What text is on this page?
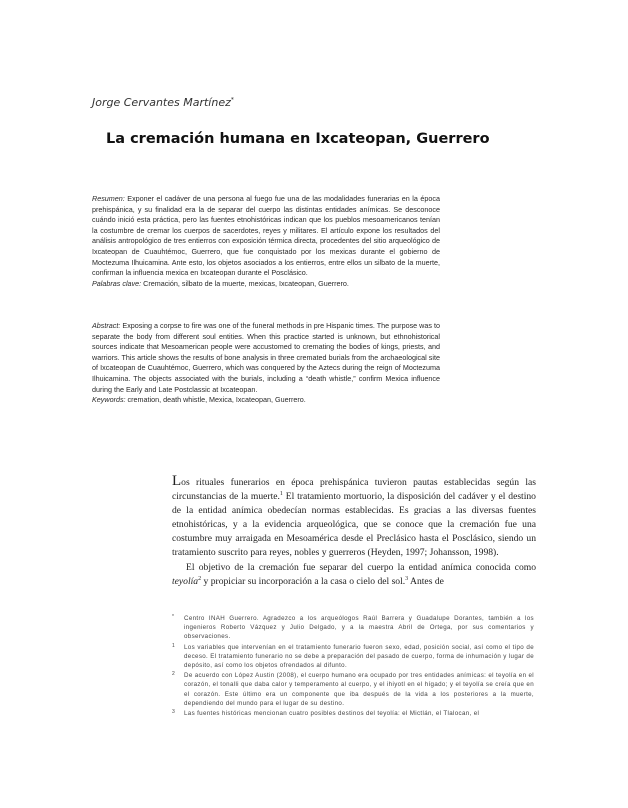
Jorge Cervantes Martínez*
La cremación humana en Ixcateopan, Guerrero
Resumen: Exponer el cadáver de una persona al fuego fue una de las modalidades funerarias en la época prehispánica, y su finalidad era la de separar del cuerpo las distintas entidades anímicas. Se desconoce cuándo inició esta práctica, pero las fuentes etnohistóricas indican que los pueblos mesoamericanos tenían la costumbre de cremar los cuerpos de sacerdotes, reyes y militares. El artículo expone los resultados del análisis antropológico de tres entierros con exposición térmica directa, procedentes del sitio arqueológico de Ixcateopan de Cuauhtémoc, Guerrero, que fue conquistado por los mexicas durante el gobierno de Moctezuma Ilhuicamina. Ante esto, los objetos asociados a los entierros, entre ellos un silbato de la muerte, confirman la influencia mexica en Ixcateopan durante el Posclásico.
Palabras clave: Cremación, silbato de la muerte, mexicas, Ixcateopan, Guerrero.
Abstract: Exposing a corpse to fire was one of the funeral methods in pre Hispanic times. The purpose was to separate the body from different soul entities. When this practice started is unknown, but ethnohistorical sources indicate that Mesoamerican people were accustomed to cremating the bodies of kings, priests, and warriors. This article shows the results of bone analysis in three cremated burials from the archaeological site of Ixcateopan de Cuauhtémoc, Guerrero, which was conquered by the Aztecs during the reign of Moctezuma Ilhuicamina. The objects associated with the burials, including a “death whistle,” confirm Mexica influence during the Early and Late Postclassic at Ixcateopan.
Keywords: cremation, death whistle, Mexica, Ixcateopan, Guerrero.

Los rituales funerarios en época prehispánica tuvieron pautas establecidas según las circunstancias de la muerte.$^1$ El tratamiento mortuorio, la disposición del cadáver y el destino de la entidad anímica obedecían normas establecidas. Es gracias a las diversas fuentes etnohistóricas, y a la evidencia arqueológica, que se conoce que la cremación fue una costumbre muy arraigada en Mesoamérica desde el Preclásico hasta el Posclásico, siendo un tratamiento suscrito para reyes, nobles y guerreros (Heyden, 1997; Johansson, 1998).

El objetivo de la cremación fue separar del cuerpo la entidad anímica conocida como teyolía$^2$ y propiciar su incorporación a la casa o cielo del sol.$^3$ Antes de

* Centro INAH Guerrero. Agradezco a los arqueólogos Raúl Barrera y Guadalupe Dorantes, también a los ingenieros Roberto Vázquez y Julio Delgado, y a la maestra Abril de Ortega, por sus comentarios y observaciones.
1 Los variables que intervenían en el tratamiento funerario fueron sexo, edad, posición social, así como el tipo de deceso. El tratamiento funerario no se debe a preparación del pasado de cuerpo, forma de inhumación y lugar de depósito, así como los objetos ofrendados al difunto.
2 De acuerdo con López Austin (2008), el cuerpo humano era ocupado por tres entidades anímicas: el teyolía en el corazón, el tonalli que daba calor y temperamento al cuerpo, y el ihiyotl en el hígado; y el teyolía se creía que en el corazón. Este último era un componente que iba después de la vida a los posteriores a la muerte, dependiendo del mundo para el lugar de su destino.
3 Las fuentes históricas mencionan cuatro posibles destinos del teyolía: el Mictlán, el Tlalocan, el
